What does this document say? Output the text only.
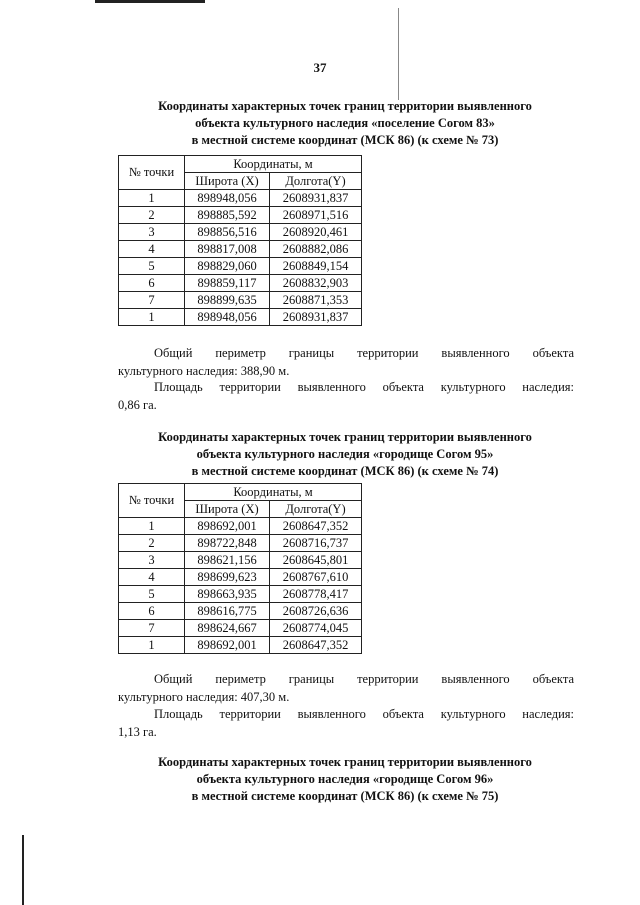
37
Координаты характерных точек границ территории выявленного
объекта культурного наследия «поселение Согом 83»
в местной системе координат (МСК 86) (к схеме № 73)
№ точки	Координаты, м	
	Широта (X)	Долгота(Y)
1	898948,056	2608931,837
2	898885,592	2608971,516
3	898856,516	2608920,461
4	898817,008	2608882,086
5	898829,060	2608849,154
6	898859,117	2608832,903
7	898899,635	2608871,353
1	898948,056	2608931,837
Общий периметр границы территории выявленного объекта
культурного наследия: 388,90 м.
Площадь территории выявленного объекта культурного наследия:
0,86 га.
Координаты характерных точек границ территории выявленного
объекта культурного наследия «городище Согом 95»
в местной системе координат (МСК 86) (к схеме № 74)
№ точки	Координаты, м	
	Широта (X)	Долгота(Y)
1	898692,001	2608647,352
2	898722,848	2608716,737
3	898621,156	2608645,801
4	898699,623	2608767,610
5	898663,935	2608778,417
6	898616,775	2608726,636
7	898624,667	2608774,045
1	898692,001	2608647,352
Общий периметр границы территории выявленного объекта
культурного наследия: 407,30 м.
Площадь территории выявленного объекта культурного наследия:
1,13 га.
Координаты характерных точек границ территории выявленного
объекта культурного наследия «городище Согом 96»
в местной системе координат (МСК 86) (к схеме № 75)
